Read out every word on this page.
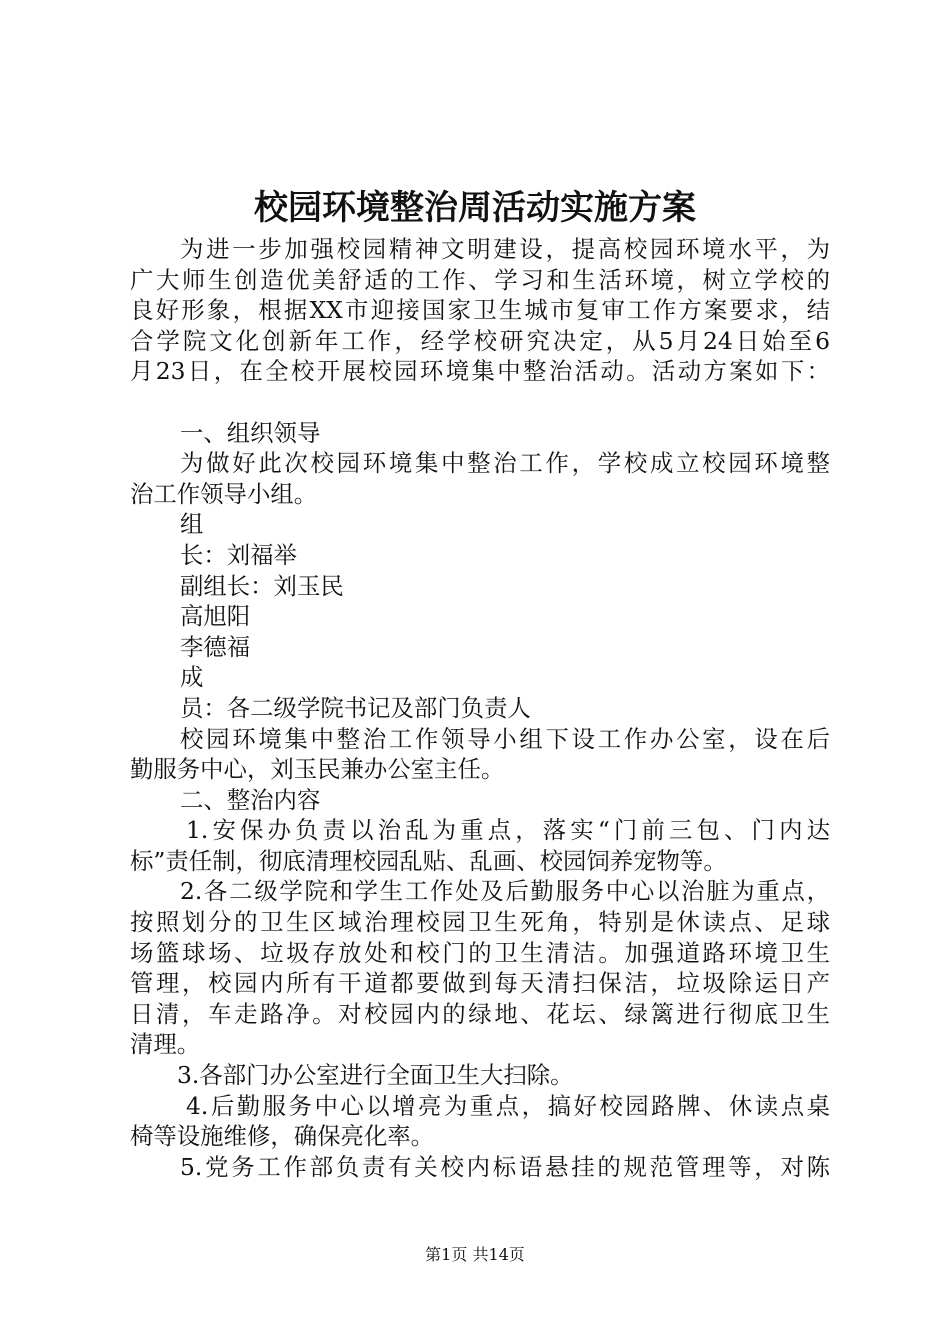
校园环境整治周活动实施方案
为进一步加强校园精神文明建设，提高校园环境水平，为
广大师生创造优美舒适的工作、学习和生活环境，树立学校的
良好形象，根据XX市迎接国家卫生城市复审工作方案要求，结
合学院文化创新年工作，经学校研究决定，从5月24日始至6
月23日，在全校开展校园环境集中整治活动。活动方案如下：
一、组织领导
为做好此次校园环境集中整治工作，学校成立校园环境整
治工作领导小组。
组
长：刘福举
副组长：刘玉民
高旭阳
李德福
成
员：各二级学院书记及部门负责人
校园环境集中整治工作领导小组下设工作办公室，设在后
勤服务中心，刘玉民兼办公室主任。
二、整治内容
1.安保办负责以治乱为重点，落实“门前三包、门内达
标”责任制，彻底清理校园乱贴、乱画、校园饲养宠物等。
2.各二级学院和学生工作处及后勤服务中心以治脏为重点，
按照划分的卫生区域治理校园卫生死角，特别是休读点、足球
场篮球场、垃圾存放处和校门的卫生清洁。加强道路环境卫生
管理，校园内所有干道都要做到每天清扫保洁，垃圾除运日产
日清，车走路净。对校园内的绿地、花坛、绿篱进行彻底卫生
清理。
3.各部门办公室进行全面卫生大扫除。
4.后勤服务中心以增亮为重点，搞好校园路牌、休读点桌
椅等设施维修，确保亮化率。
5.党务工作部负责有关校内标语悬挂的规范管理等，对陈
第1页 共14页
